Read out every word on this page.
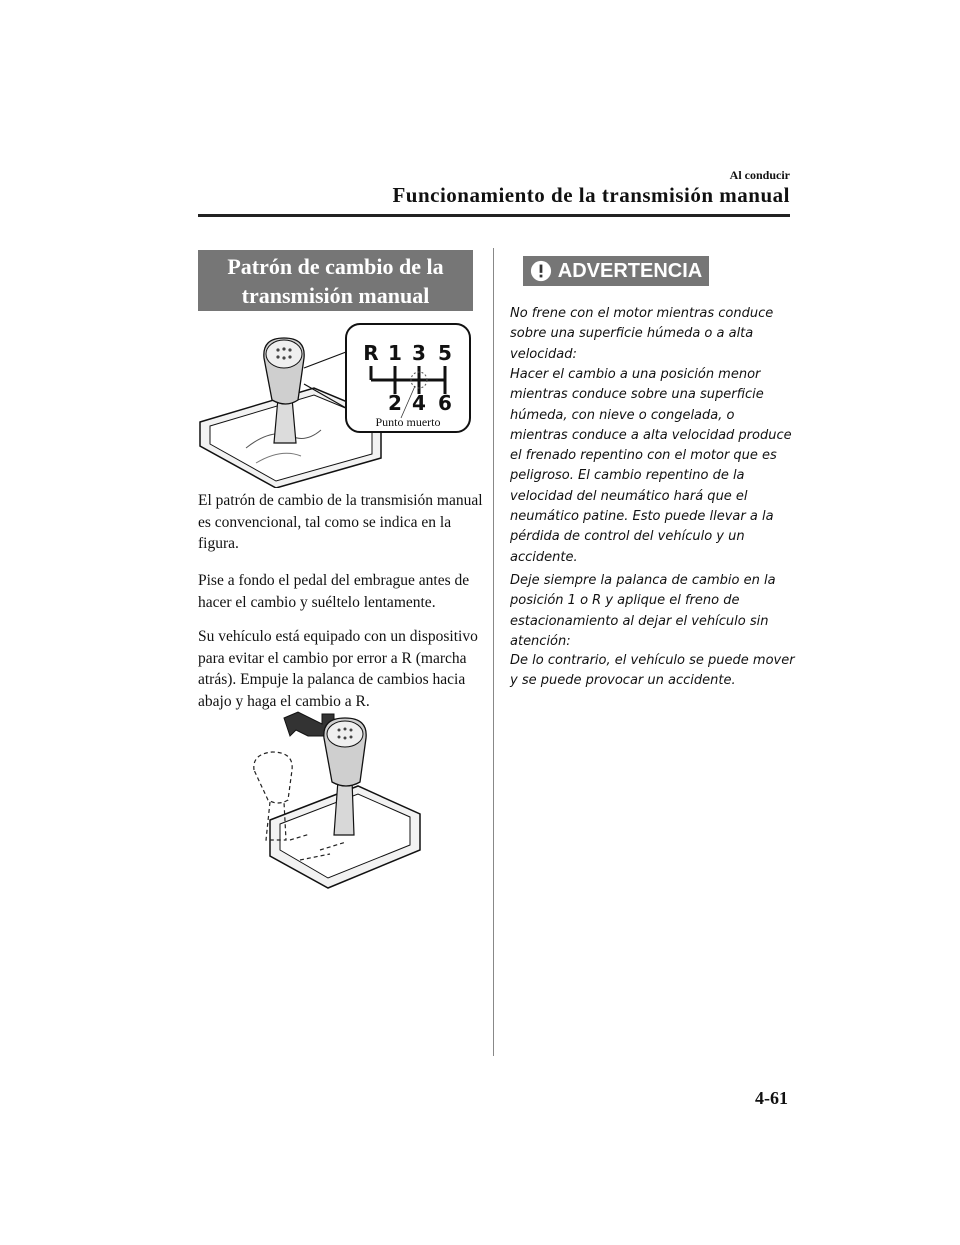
Al conducir
Funcionamiento de la transmisión manual
Patrón de cambio de la
transmisión manual
R 1 3 5
2 4 6
Punto muerto
El patrón de cambio de la transmisión manual es convencional, tal como se indica en la figura.
Pise a fondo el pedal del embrague antes de hacer el cambio y suéltelo lentamente.
Su vehículo está equipado con un dispositivo para evitar el cambio por error a R (marcha atrás). Empuje la palanca de cambios hacia abajo y haga el cambio a R.
ADVERTENCIA
No frene con el motor mientras conduce sobre una superficie húmeda o a alta velocidad:
Hacer el cambio a una posición menor mientras conduce sobre una superficie húmeda, con nieve o congelada, o mientras conduce a alta velocidad produce el frenado repentino con el motor que es peligroso. El cambio repentino de la velocidad del neumático hará que el neumático patine. Esto puede llevar a la pérdida de control del vehículo y un accidente.
Deje siempre la palanca de cambio en la posición 1 o R y aplique el freno de estacionamiento al dejar el vehículo sin atención:
De lo contrario, el vehículo se puede mover y se puede provocar un accidente.
4-61
